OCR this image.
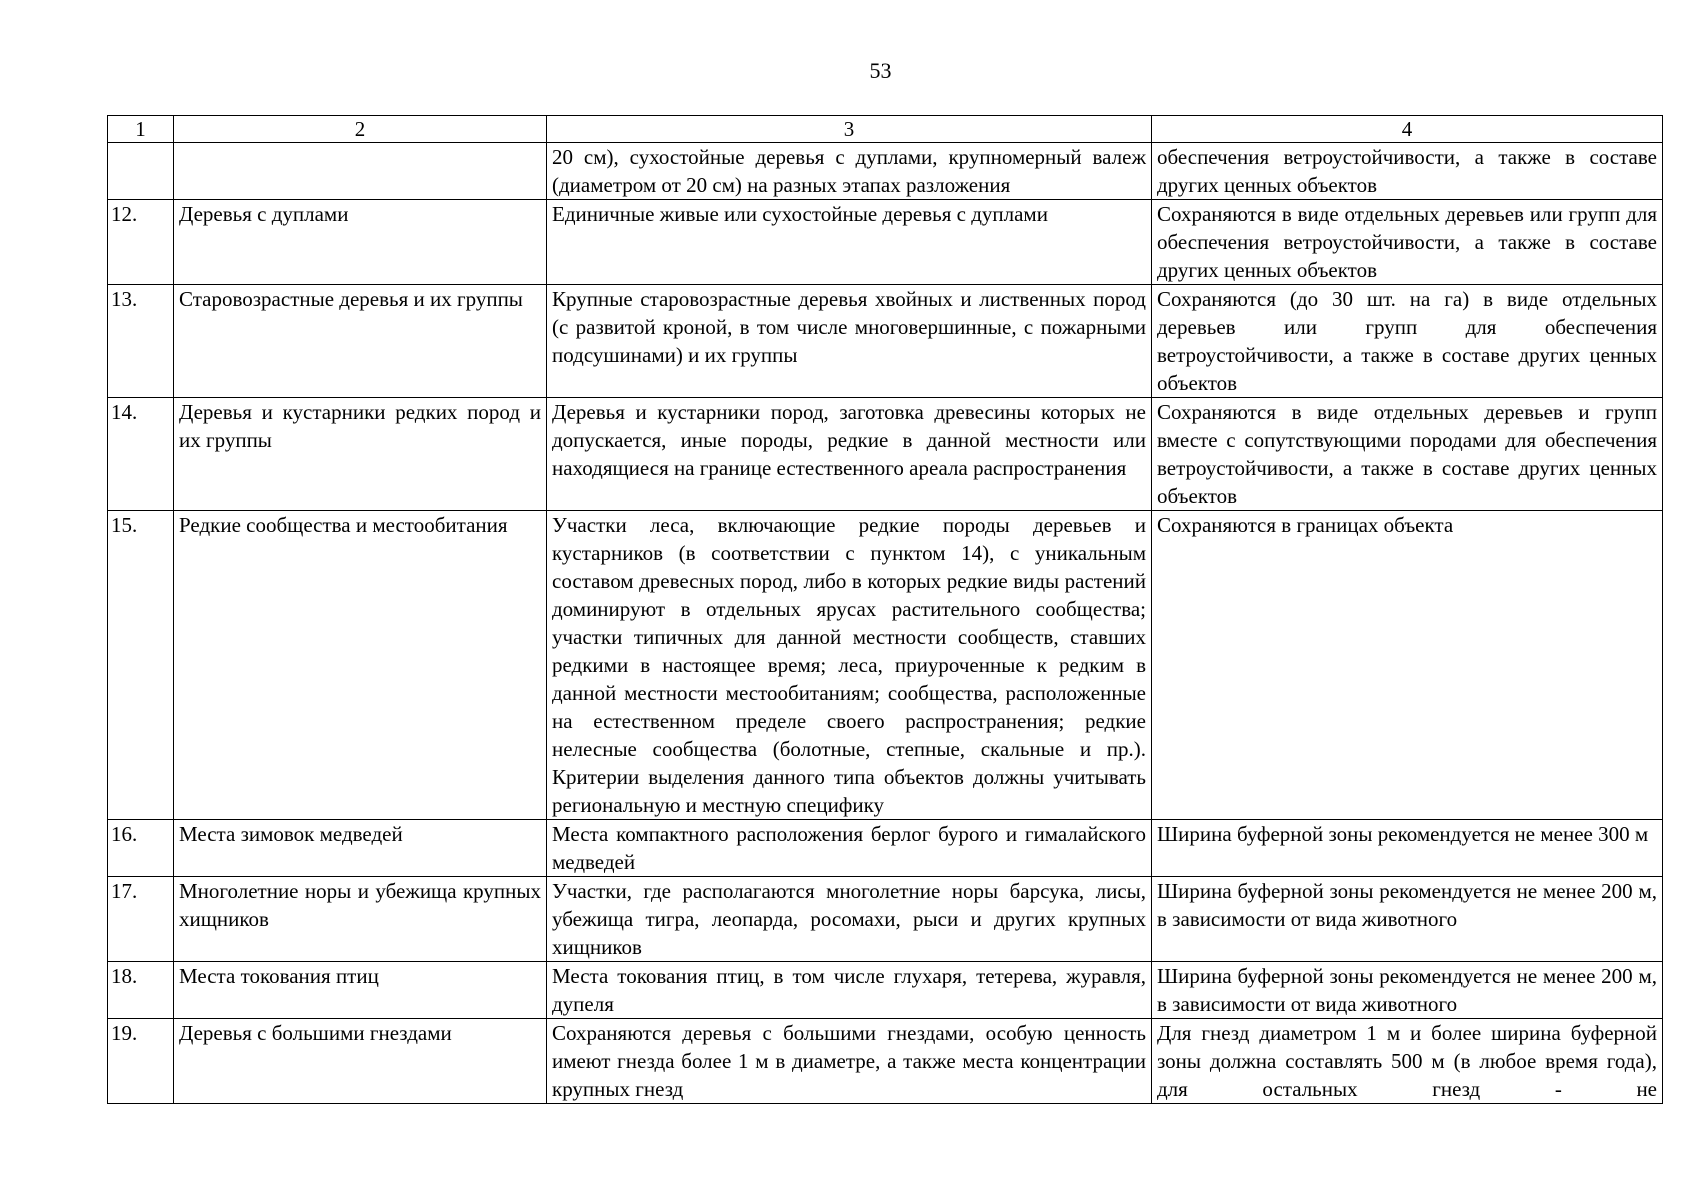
53
1	2	3	4
		20 см), сухостойные деревья с дуплами, крупномерный валеж (диаметром от 20 см) на разных этапах разложения	обеспечения ветроустойчивости, а также в составе других ценных объектов
12.	Деревья с дуплами	Единичные живые или сухостойные деревья с дуплами	Сохраняются в виде отдельных деревьев или групп для обеспечения ветроустойчивости, а также в составе других ценных объектов
13.	Старовозрастные деревья и их группы	Крупные старовозрастные деревья хвойных и лиственных пород (с развитой кроной, в том числе многовершинные, с пожарными подсушинами) и их группы	Сохраняются (до 30 шт. на га) в виде отдельных деревьев или групп для обеспечения ветроустойчивости, а также в составе других ценных объектов
14.	Деревья и кустарники редких пород и их группы	Деревья и кустарники пород, заготовка древесины которых не допускается, иные породы, редкие в данной местности или находящиеся на границе естественного ареала распространения	Сохраняются в виде отдельных деревьев и групп вместе с сопутствующими породами для обеспечения ветроустойчивости, а также в составе других ценных объектов
15.	Редкие сообщества и местообитания	Участки леса, включающие редкие породы деревьев и кустарников (в соответствии с пунктом 14), с уникальным составом древесных пород, либо в которых редкие виды растений доминируют в отдельных ярусах растительного сообщества; участки типичных для данной местности сообществ, ставших редкими в настоящее время; леса, приуроченные к редким в данной местности местообитаниям; сообщества, расположенные на естественном пределе своего распространения; редкие нелесные сообщества (болотные, степные, скальные и пр.). Критерии выделения данного типа объектов должны учитывать региональную и местную специфику	Сохраняются в границах объекта
16.	Места зимовок медведей	Места компактного расположения берлог бурого и гималайского медведей	Ширина буферной зоны рекомендуется не менее 300 м
17.	Многолетние норы и убежища крупных хищников	Участки, где располагаются многолетние норы барсука, лисы, убежища тигра, леопарда, росомахи, рыси и других крупных хищников	Ширина буферной зоны рекомендуется не менее 200 м, в зависимости от вида животного
18.	Места токования птиц	Места токования птиц, в том числе глухаря, тетерева, журавля, дупеля	Ширина буферной зоны рекомендуется не менее 200 м, в зависимости от вида животного
19.	Деревья с большими гнездами	Сохраняются деревья с большими гнездами, особую ценность имеют гнезда более 1 м в диаметре, а также места концентрации крупных гнезд	Для гнезд диаметром 1 м и более ширина буферной зоны должна составлять 500 м (в любое время года), для остальных гнезд - не
